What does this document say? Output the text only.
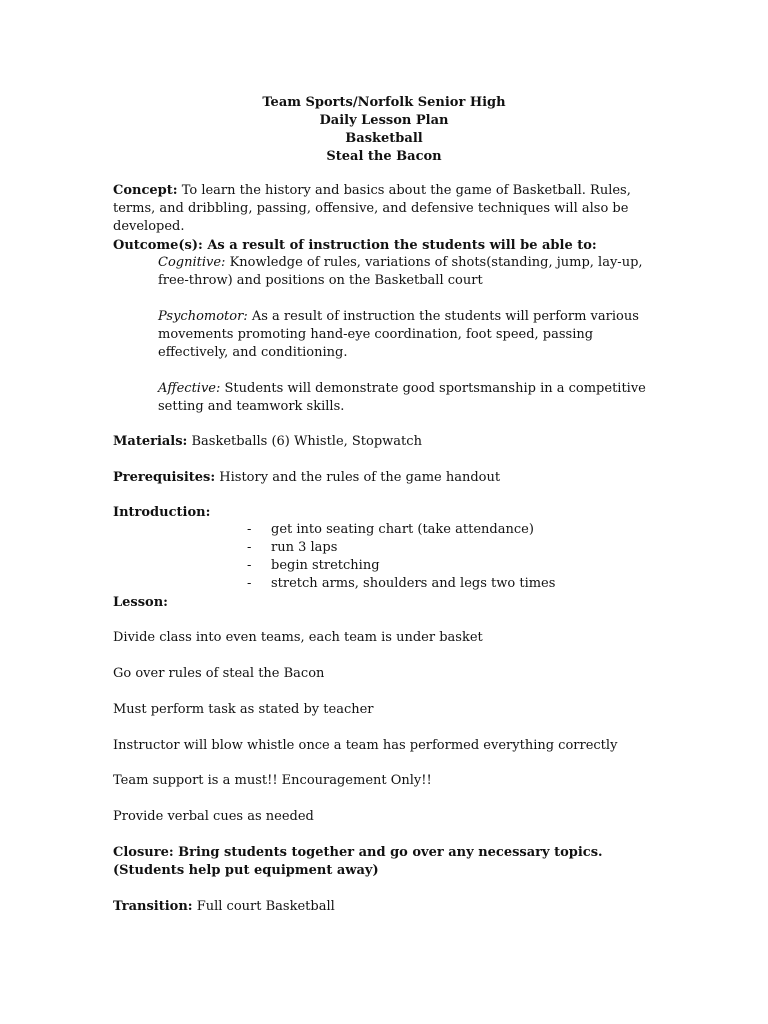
Team Sports/Norfolk Senior High
Daily Lesson Plan
Basketball
Steal the Bacon
Concept: To learn the history and basics about the game of Basketball. Rules, terms, and dribbling, passing, offensive, and defensive techniques will also be developed.
Outcome(s): As a result of instruction the students will be able to:
Cognitive: Knowledge of rules, variations of shots(standing, jump, lay-up, free-throw) and positions on the Basketball court
Psychomotor: As a result of instruction the students will perform various movements promoting hand-eye coordination, foot speed, passing effectively, and conditioning.
Affective: Students will demonstrate good sportsmanship in a competitive setting and teamwork skills.
Materials: Basketballs (6) Whistle, Stopwatch
Prerequisites: History and the rules of the game handout
Introduction:
-	get into seating chart (take attendance)
-	run 3 laps
-	begin stretching
-	stretch arms, shoulders and legs two times
Lesson:
Divide class into even teams, each team is under basket
Go over rules of steal the Bacon
Must perform task as stated by teacher
Instructor will blow whistle once a team has performed everything correctly
Team support is a must!! Encouragement Only!!
Provide verbal cues as needed
Closure: Bring students together and go over any necessary topics. (Students help put equipment away)
Transition: Full court Basketball
